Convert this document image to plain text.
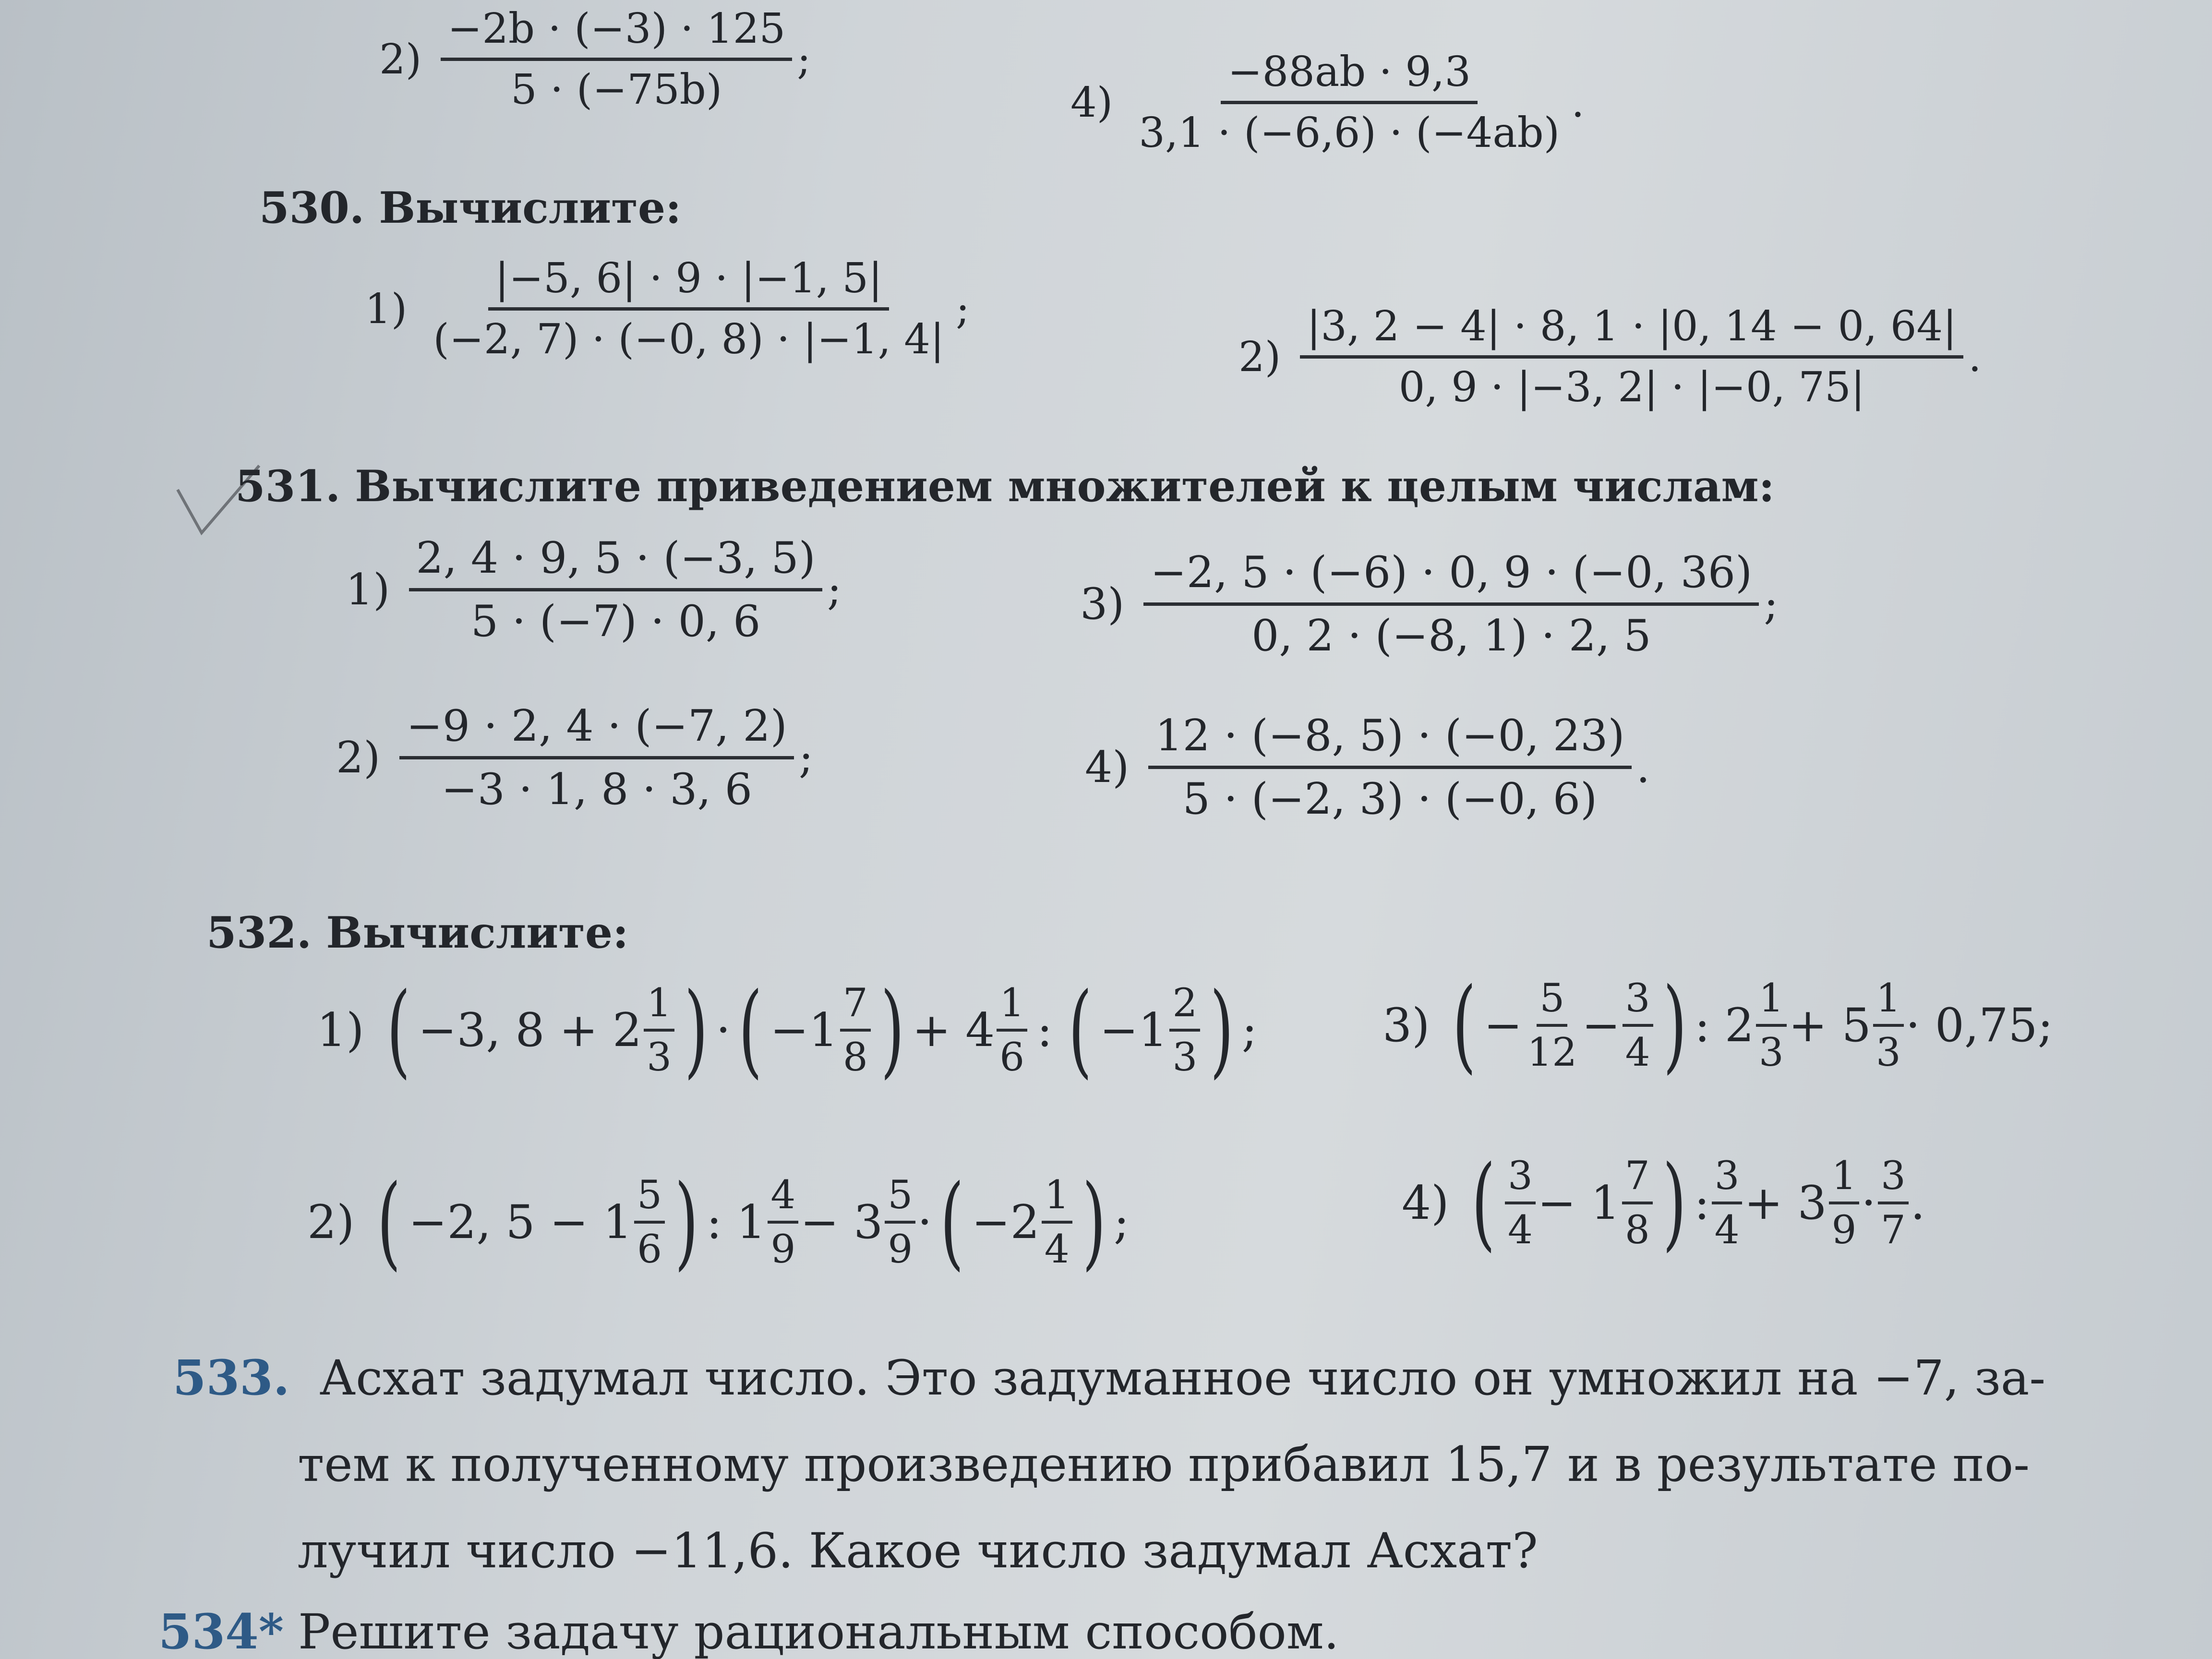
$2) \frac{-2b \cdot (-3) \cdot 125}{5 \cdot (-75b)}$ ;
$4) \frac{-88ab \cdot 9,3}{3,1 \cdot (-6,6) \cdot (-4ab)}$ .
530. Вычислите:
$1) \frac{|-5, 6| \cdot 9 \cdot |-1, 5|}{(-2, 7) \cdot (-0, 8) \cdot |-1, 4|}$ ;
$2) \frac{|3, 2 - 4| \cdot 8, 1 \cdot |0, 14 - 0, 64|}{0, 9 \cdot |-3, 2| \cdot |-0, 75|}$ .
531. Вычислите приведением множителей к целым числам:
$1) \frac{2, 4 \cdot 9, 5 \cdot (-3, 5)}{5 \cdot (-7) \cdot 0, 6}$ ;
$2) \frac{-9 \cdot 2, 4 \cdot (-7, 2)}{-3 \cdot 1, 8 \cdot 3, 6}$ ;
$3) \frac{-2, 5 \cdot (-6) \cdot 0, 9 \cdot (-0, 36)}{0, 2 \cdot (-8, 1) \cdot 2, 5}$ ;
$4) \frac{12 \cdot (-8, 5) \cdot (-0, 23)}{5 \cdot (-2, 3) \cdot (-0, 6)}$ .
532. Вычислите:
1) ( −3, 8 + 2
1
3 ) · ( −1
7
8 ) + 4
1
6
: ( −1
2
3 ) ;	3) ( − $\frac{5}{12} - \frac{3}{4}$ ) : 2
1
3
+ 5
1
3
· 0,75;
2) ( −2, 5 − 1
5
6 ) : 1
4
9
− 3
5
9
· ( −2
1
4 ) ;	4) ( 3
4
− 1
7
8 ) :
3
4
+ 3
1
9
·
3
7
.
533. Асхат задумал число. Это задуманное число он умножил на −7, за-
тем к полученному произведению прибавил 15,7 и в результате по-
лучил число −11,6. Какое число задумал Асхат?
534* Решите задачу рациональным способом.
